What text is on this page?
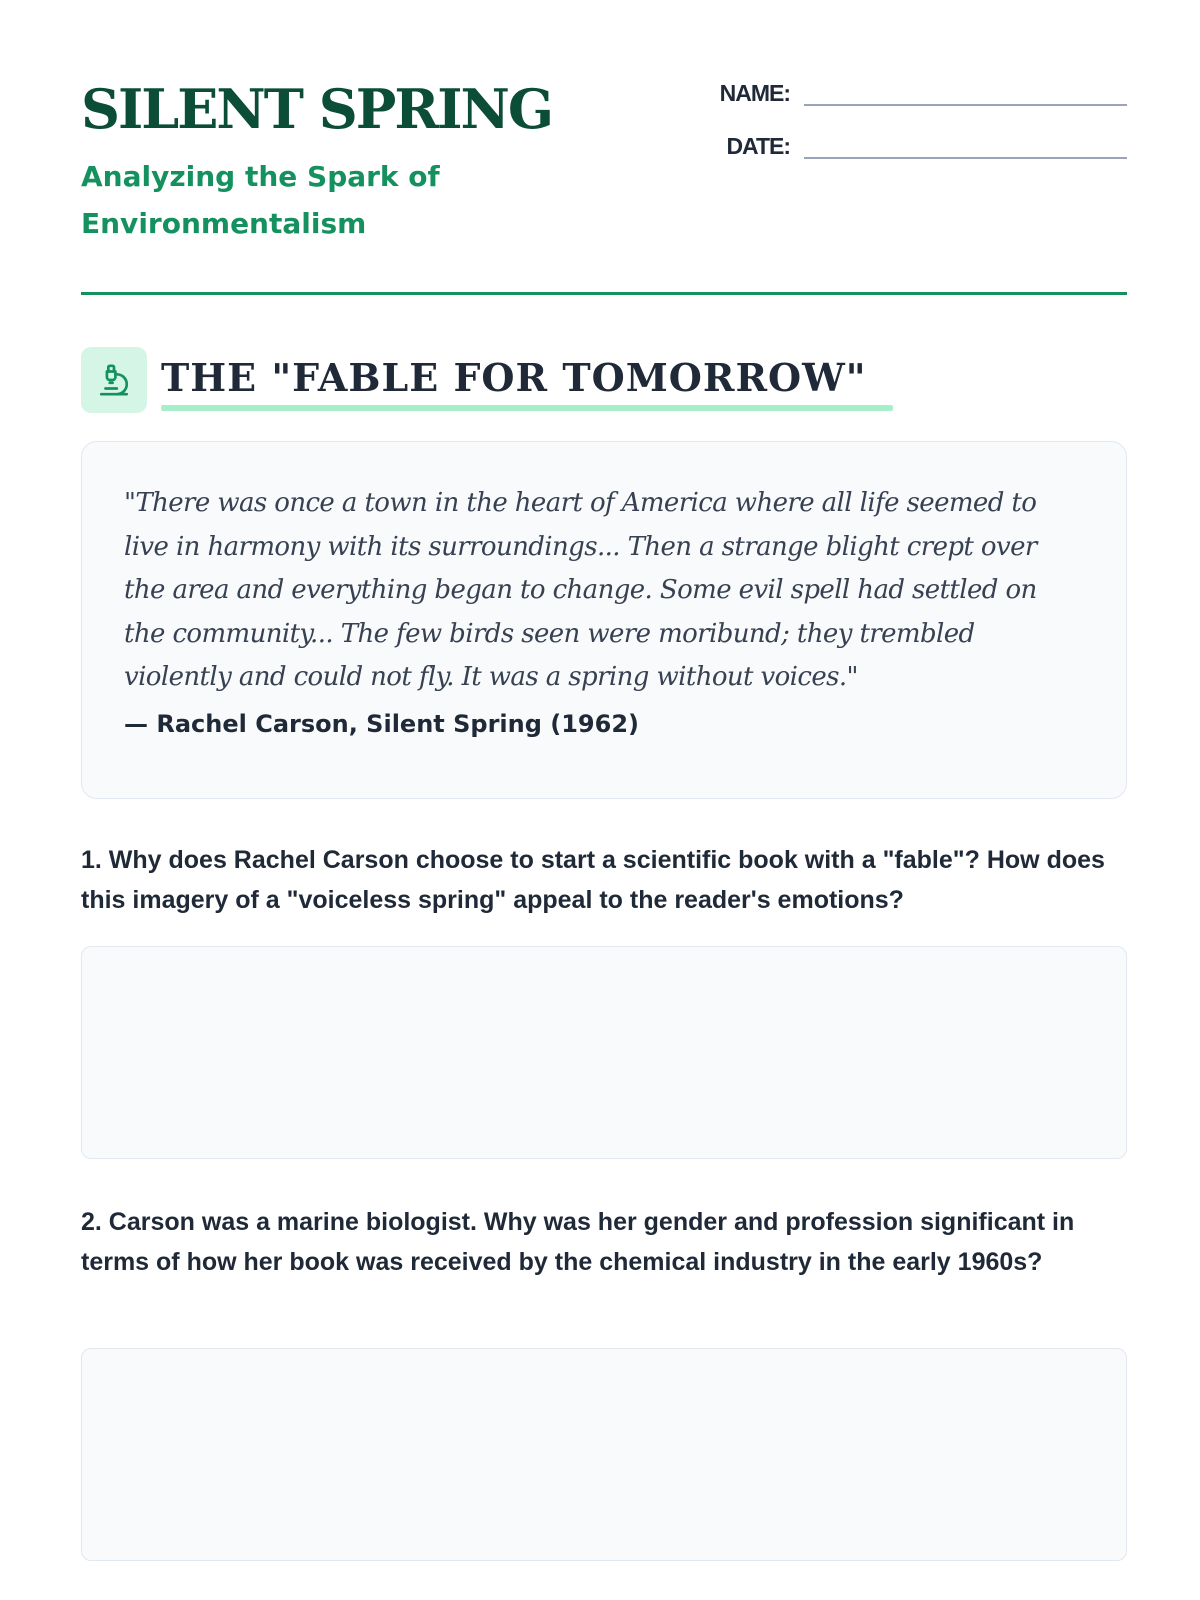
SILENT SPRING

Analyzing the Spark of Environmentalism

NAME:
DATE:
THE "FABLE FOR TOMORROW"

"There was once a town in the heart of America where all life seemed to live in harmony with its surroundings... Then a strange blight crept over the area and everything began to change. Some evil spell had settled on the community... The few birds seen were moribund; they trembled violently and could not fly. It was a spring without voices."

— Rachel Carson, Silent Spring (1962)

1. Why does Rachel Carson choose to start a scientific book with a "fable"? How does this imagery of a "voiceless spring" appeal to the reader's emotions?

2. Carson was a marine biologist. Why was her gender and profession significant in terms of how her book was received by the chemical industry in the early 1960s?
